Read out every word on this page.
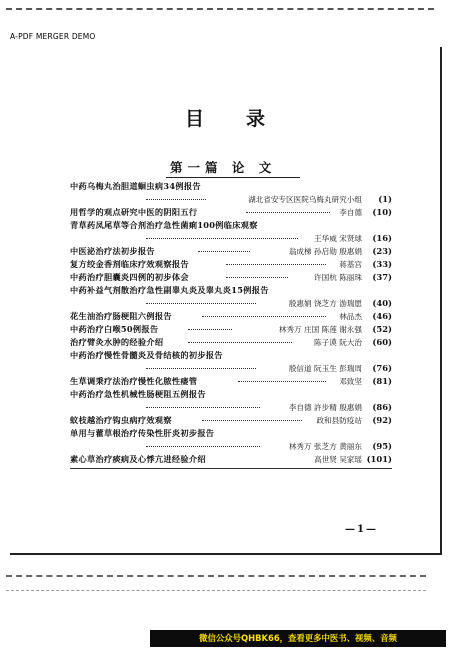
A-PDF MERGER DEMO
目录
第一篇 论 文
中药乌梅丸治胆道蛔虫病34例报告
湖北省安专区医院乌梅丸研究小组 (1)
用哲学的观点研究中医的阴阳五行	李自德 (10)
青草药凤尾草等合剂治疗急性菌痢100例临床观察
王华威 宋贤球 (16)
中医泌治疗法初步报告	翁成梯 孙启勋 殷惠娟 (23)
复方绞金香剂临床疗效观察报告	蒋基宫 (33)
中药治疗胆囊炎四例的初步体会	许国杭 陈丽珠 (37)
中药补益气剂散治疗急性副睾丸炎及睾丸炎15例报告
殷惠娟 饶芝方 游瑞愿 (40)
花生油治疗肠梗阻六例报告	林品杰 (46)
中药治疗白喉50例报告	林秀万 庄国 陈莲 谢永强 (52)
治疗臂灸水肿的经验介绍	陈子谟 阮大治 (60)
中药治疗慢性骨髓炎及骨结核的初步报告
殷信道 阮玉生 彭瑞周 (76)
生草调秉疗法治疗慢性化脓性瘘管	邓致坚 (81)
中药治疗急性机械性肠梗阻五例报告
李自德 許步精 殷惠娟 (86)
蚊枝越治疗钩虫病疗效观察	政和县防疫站 (92)
单用与藿草根治疗传染性肝炎初步报告
林秀万 张芝方 黄丽东 (95)
素心草治疗痰病及心悸亢进经验介绍	高世贤 吴家瑶 (101)
—1—
微信公众号QHBK66，查看更多中医书、视频、音频
